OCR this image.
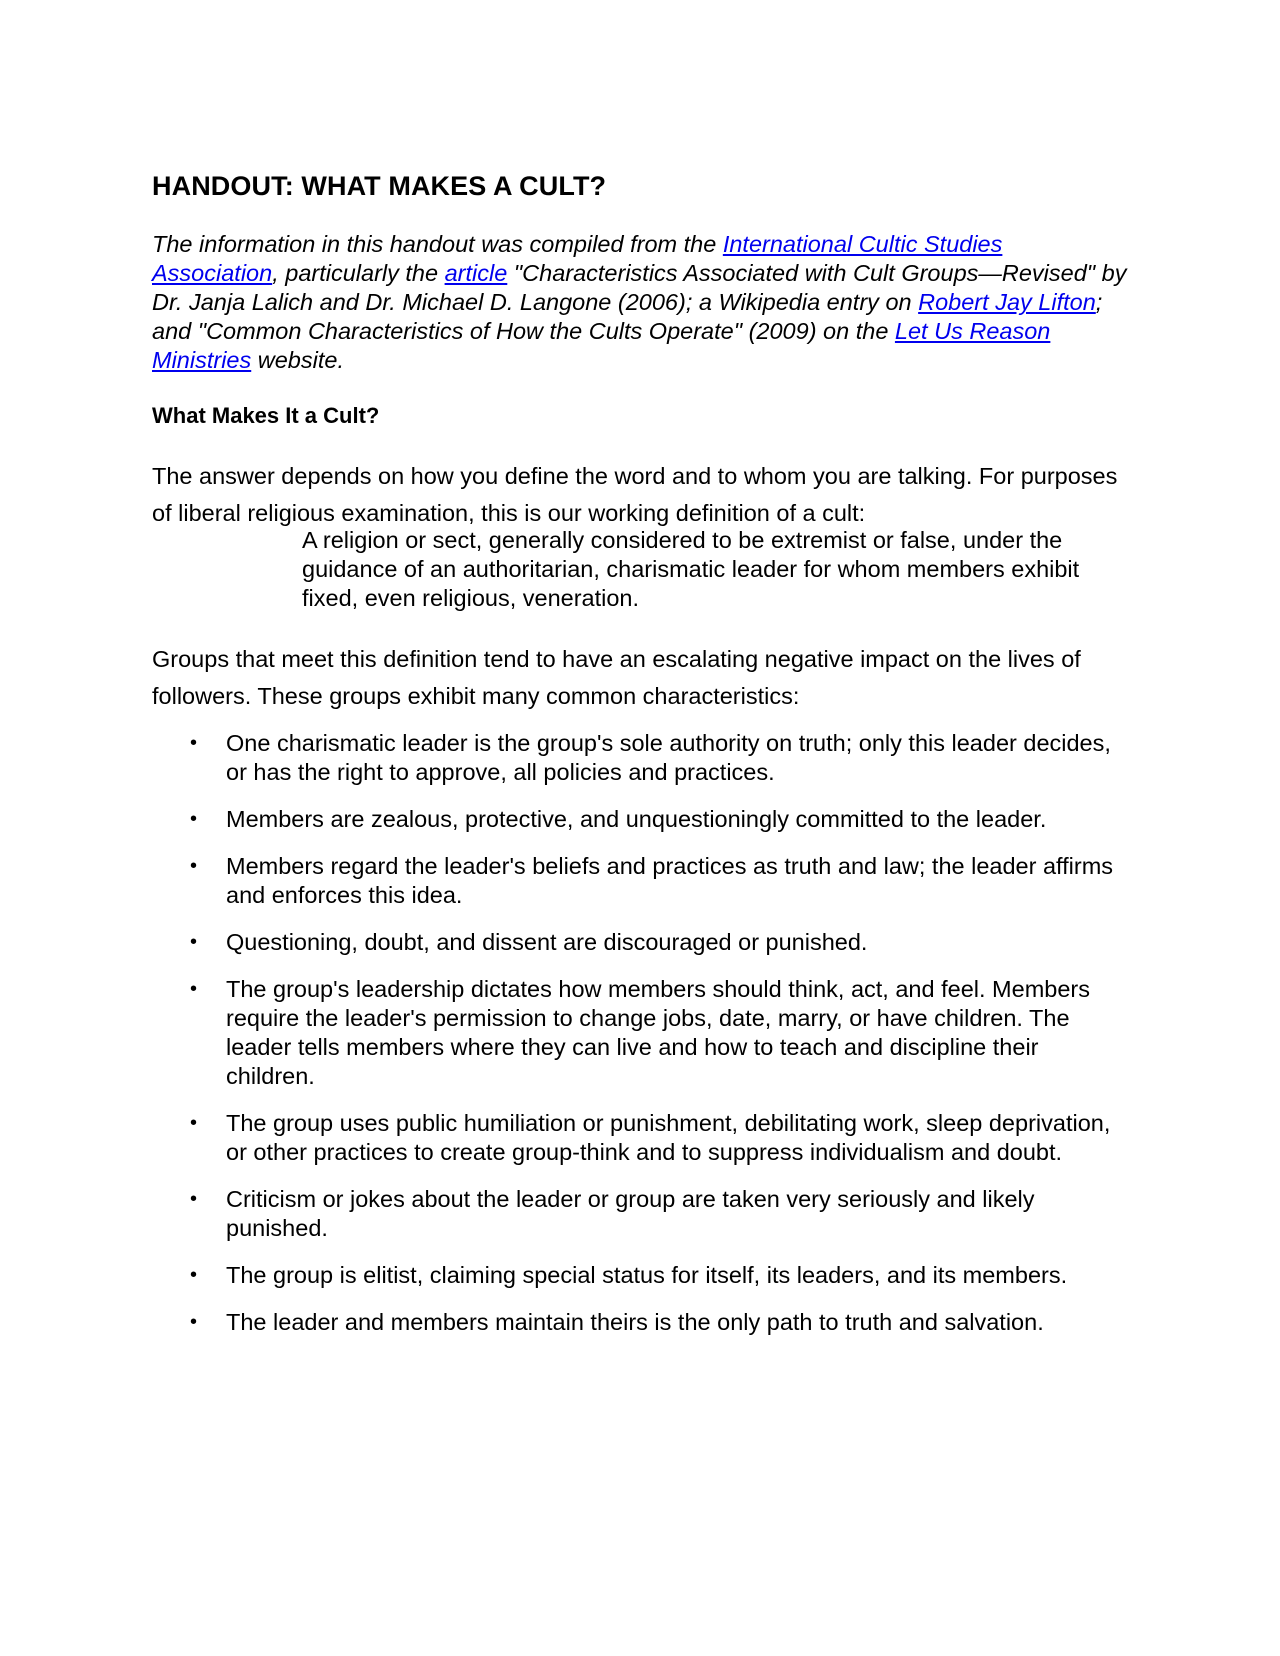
HANDOUT: WHAT MAKES A CULT?

The information in this handout was compiled from the International Cultic Studies Association, particularly the article "Characteristics Associated with Cult Groups—Revised" by Dr. Janja Lalich and Dr. Michael D. Langone (2006); a Wikipedia entry on Robert Jay Lifton; and "Common Characteristics of How the Cults Operate" (2009) on the Let Us Reason Ministries website.

What Makes It a Cult?

The answer depends on how you define the word and to whom you are talking. For purposes of liberal religious examination, this is our working definition of a cult:

A religion or sect, generally considered to be extremist or false, under the guidance of an authoritarian, charismatic leader for whom members exhibit fixed, even religious, veneration.

Groups that meet this definition tend to have an escalating negative impact on the lives of followers. These groups exhibit many common characteristics:

• One charismatic leader is the group's sole authority on truth; only this leader decides, or has the right to approve, all policies and practices.
• Members are zealous, protective, and unquestioningly committed to the leader.
• Members regard the leader's beliefs and practices as truth and law; the leader affirms and enforces this idea.
• Questioning, doubt, and dissent are discouraged or punished.
• The group's leadership dictates how members should think, act, and feel. Members require the leader's permission to change jobs, date, marry, or have children. The leader tells members where they can live and how to teach and discipline their children.
• The group uses public humiliation or punishment, debilitating work, sleep deprivation, or other practices to create group-think and to suppress individualism and doubt.
• Criticism or jokes about the leader or group are taken very seriously and likely punished.
• The group is elitist, claiming special status for itself, its leaders, and its members.
• The leader and members maintain theirs is the only path to truth and salvation.
